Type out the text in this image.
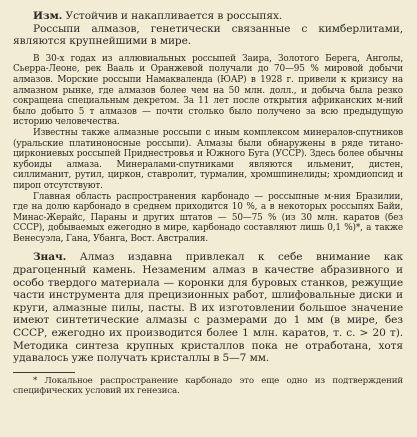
Изм. Устойчив и накапливается в россыпях.

Россыпи алмазов, генетически связанные с кимберлитами, являются крупнейшими в мире.

В 30-х годах из аллювиальных россыпей Заира, Золотого Берега, Анголы, Сьерра-Леоне, рек Вааль и Оранжевой получали до 70—95 % мировой добычи алмазов. Морские россыпи Намакваленда (ЮАР) в 1928 г. привели к кризису на алмазном рынке, где алмазов более чем на 50 млн. долл., и добыча была резко сокращена специальным декретом. За 11 лет после открытия африканских м-ний было добыто 5 т алмазов — почти столько было получено за всю предыдущую историю человечества.

Известны также алмазные россыпи с иным комплексом минералов-спутников (уральские платиноносные россыпи). Алмазы были обнаружены в ряде титано-циркониевых россыпей Приднестровья и Южного Буга (УССР). Здесь более обычны кубоиды алмаза. Минералами-спутниками являются ильменит, дистен, силлиманит, рутил, циркон, ставролит, турмалин, хромшпинелиды; хромдиопсид и пироп отсутствуют.

Главная область распространения карбонадо — россыпные м-ния Бразилии, где на долю карбонадо в среднем приходится 10 %, а в некоторых россыпях Байи, Минас-Жерайс, Параны и других штатов — 50—75 % (из 30 млн. каратов (без СССР), добываемых ежегодно в мире, карбонадо составляют лишь 0,1 %)*, а также Венесуэла, Гана, Убанга, Вост. Австралия.

Знач. Алмаз издавна привлекал к себе внимание как драгоценный камень. Незаменим алмаз в качестве абразивного и особо твердого материала — коронки для буровых станков, режущие части инструмента для прецизионных работ, шлифовальные диски и круги, алмазные пилы, пасты. В их изготовлении большое значение имеют синтетические алмазы с размерами до 1 мм (в мире, без СССР, ежегодно их производится более 1 млн. каратов, т. с. > 20 т). Методика синтеза крупных кристаллов пока не отработана, хотя удавалось уже получать кристаллы в 5—7 мм.

* Локальное распространение карбонадо это еще одно из подтверждений специфических условий их генезиса.
